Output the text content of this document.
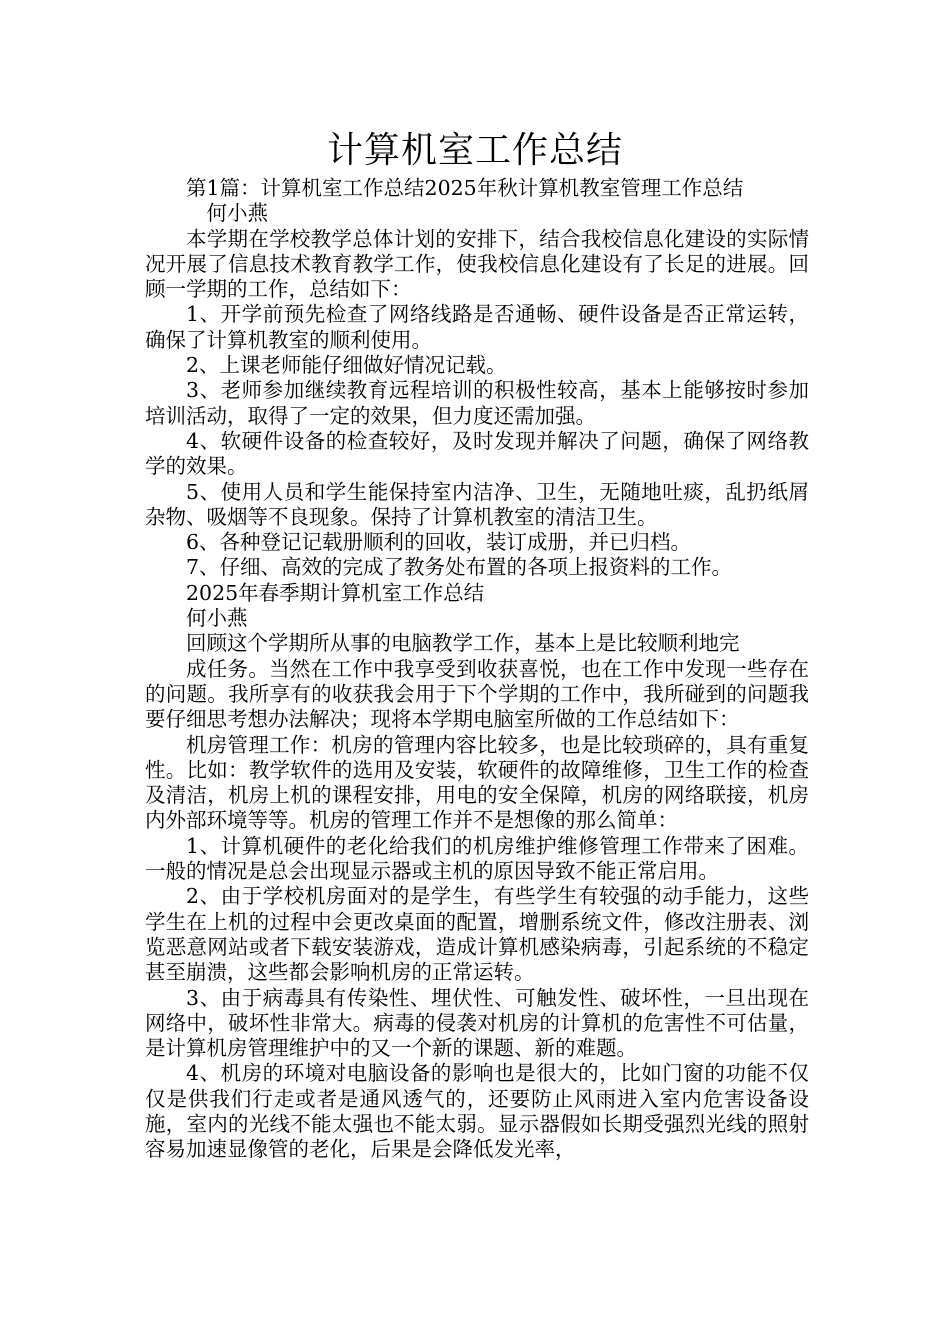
计算机室工作总结

第1篇：计算机室工作总结2025年秋计算机教室管理工作总结

何小燕

本学期在学校教学总体计划的安排下，结合我校信息化建设的实际情况开展了信息技术教育教学工作，使我校信息化建设有了长足的进展。回顾一学期的工作，总结如下：

1、开学前预先检查了网络线路是否通畅、硬件设备是否正常运转，确保了计算机教室的顺利使用。

2、上课老师能仔细做好情况记载。

3、老师参加继续教育远程培训的积极性较高，基本上能够按时参加培训活动，取得了一定的效果，但力度还需加强。

4、软硬件设备的检查较好，及时发现并解决了问题，确保了网络教学的效果。

5、使用人员和学生能保持室内洁净、卫生，无随地吐痰，乱扔纸屑杂物、吸烟等不良现象。保持了计算机教室的清洁卫生。

6、各种登记记载册顺利的回收，装订成册，并已归档。

7、仔细、高效的完成了教务处布置的各项上报资料的工作。

2025年春季期计算机室工作总结

何小燕

回顾这个学期所从事的电脑教学工作，基本上是比较顺利地完

成任务。当然在工作中我享受到收获喜悦，也在工作中发现一些存在的问题。我所享有的收获我会用于下个学期的工作中，我所碰到的问题我要仔细思考想办法解决；现将本学期电脑室所做的工作总结如下：

机房管理工作：机房的管理内容比较多，也是比较琐碎的，具有重复性。比如：教学软件的选用及安装，软硬件的故障维修，卫生工作的检查及清洁，机房上机的课程安排，用电的安全保障，机房的网络联接，机房内外部环境等等。机房的管理工作并不是想像的那么简单：

1、计算机硬件的老化给我们的机房维护维修管理工作带来了困难。一般的情况是总会出现显示器或主机的原因导致不能正常启用。

2、由于学校机房面对的是学生，有些学生有较强的动手能力，这些学生在上机的过程中会更改桌面的配置，增删系统文件，修改注册表、浏览恶意网站或者下载安装游戏，造成计算机感染病毒，引起系统的不稳定甚至崩溃，这些都会影响机房的正常运转。

3、由于病毒具有传染性、埋伏性、可触发性、破坏性，一旦出现在网络中，破坏性非常大。病毒的侵袭对机房的计算机的危害性不可估量，是计算机房管理维护中的又一个新的课题、新的难题。

4、机房的环境对电脑设备的影响也是很大的，比如门窗的功能不仅仅是供我们行走或者是通风透气的，还要防止风雨进入室内危害设备设施，室内的光线不能太强也不能太弱。显示器假如长期受强烈光线的照射容易加速显像管的老化，后果是会降低发光率，
